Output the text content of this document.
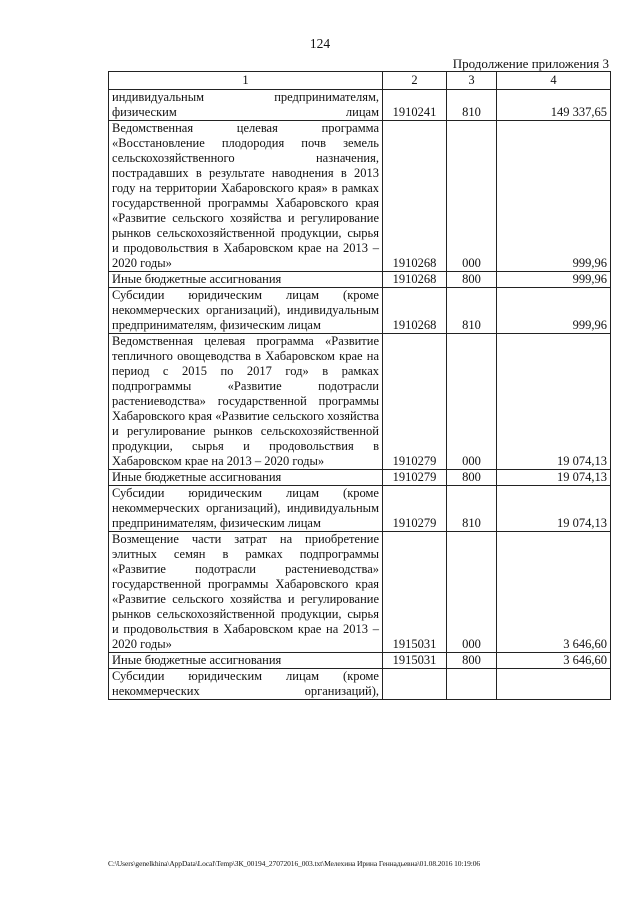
124
Продолжение приложения 3
1	2	3	4
индивидуальным предпринимателям, физическим лицам	1910241	810	149 337,65
Ведомственная целевая программа «Восстановление плодородия почв земель сельскохозяйственного назначения, пострадавших в результате наводнения в 2013 году на территории Хабаровского края» в рамках государственной программы Хабаровского края «Развитие сельского хозяйства и регулирование рынков сельскохозяйственной продукции, сырья и продовольствия в Хабаровском крае на 2013 – 2020 годы»	1910268	000	999,96
Иные бюджетные ассигнования	1910268	800	999,96
Субсидии юридическим лицам (кроме некоммерческих организаций), индивидуальным предпринимателям, физическим лицам	1910268	810	999,96
Ведомственная целевая программа «Развитие тепличного овощеводства в Хабаровском крае на период с 2015 по 2017 год» в рамках подпрограммы «Развитие подотрасли растениеводства» государственной программы Хабаровского края «Развитие сельского хозяйства и регулирование рынков сельскохозяйственной продукции, сырья и продовольствия в Хабаровском крае на 2013 – 2020 годы»	1910279	000	19 074,13
Иные бюджетные ассигнования	1910279	800	19 074,13
Субсидии юридическим лицам (кроме некоммерческих организаций), индивидуальным предпринимателям, физическим лицам	1910279	810	19 074,13
Возмещение части затрат на приобретение элитных семян в рамках подпрограммы «Развитие подотрасли растениеводства» государственной программы Хабаровского края «Развитие сельского хозяйства и регулирование рынков сельскохозяйственной продукции, сырья и продовольствия в Хабаровском крае на 2013 – 2020 годы»	1915031	000	3 646,60
Иные бюджетные ассигнования	1915031	800	3 646,60
Субсидии юридическим лицам (кроме некоммерческих организаций),			
C:\Users\genelkhina\AppData\Local\Temp\ЗК_00194_27072016_003.txt\Мелехина Ирина Геннадьевна\01.08.2016 10:19:06
